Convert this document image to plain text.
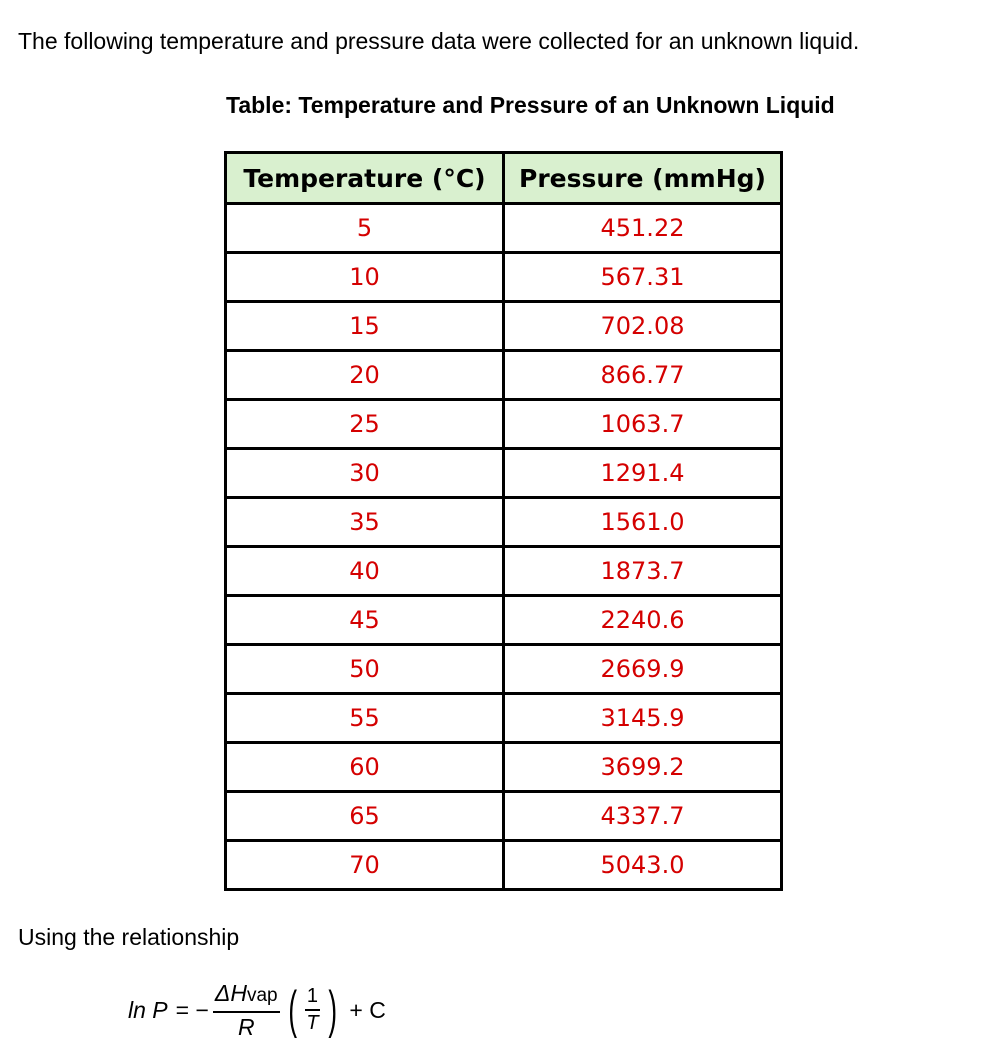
The following temperature and pressure data were collected for an unknown liquid.
Table: Temperature and Pressure of an Unknown Liquid
Temperature (°C)	Pressure (mmHg)
5	451.22
10	567.31
15	702.08
20	866.77
25	1063.7
30	1291.4
35	1561.0
40	1873.7
45	2240.6
50	2669.9
55	3145.9
60	3699.2
65	4337.7
70	5043.0
Using the relationship
ln P = − $\frac{\text{ΔHvap}}{R}$ ( $\frac{1}{T}$ ) + C
